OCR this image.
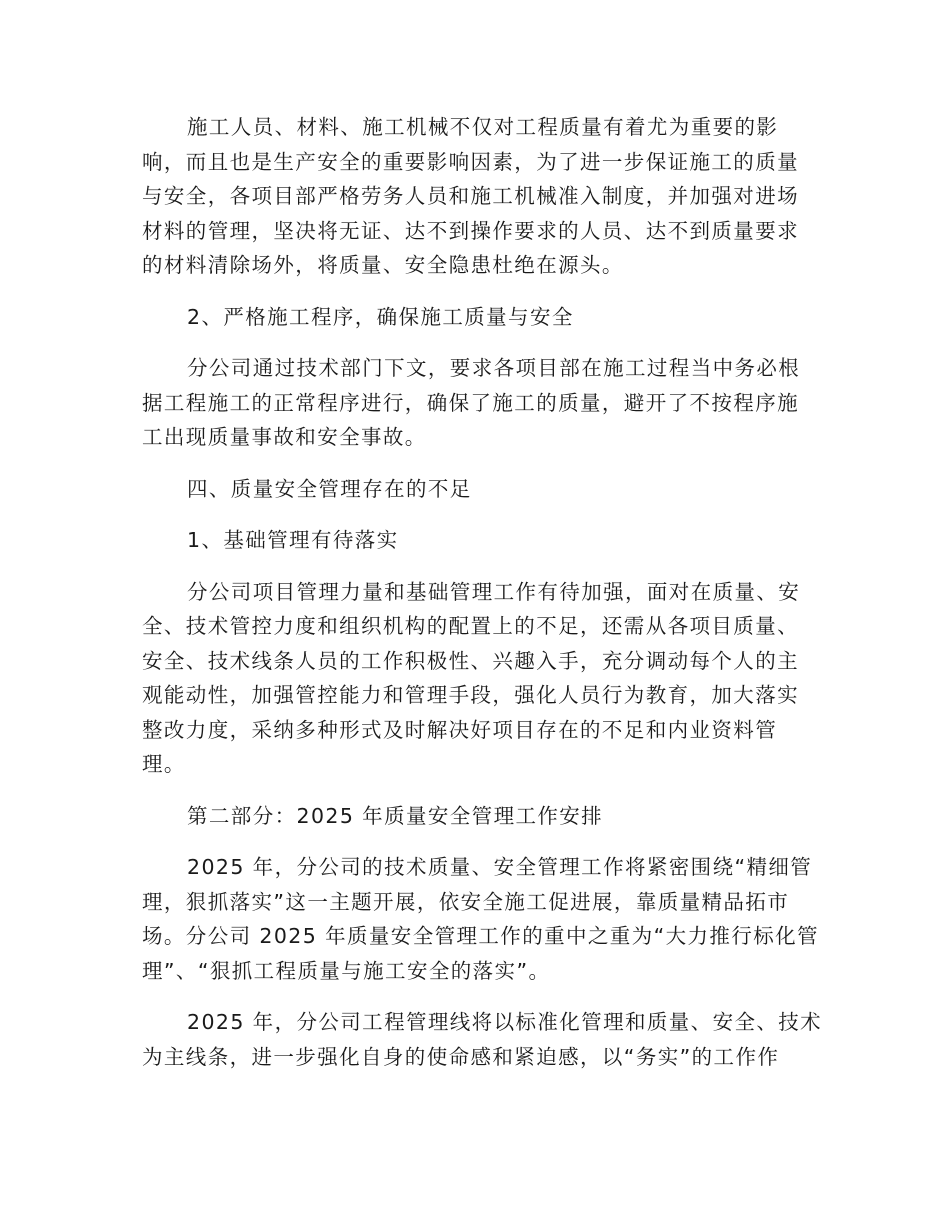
施工人员、材料、施工机械不仅对工程质量有着尤为重要的影
响，而且也是生产安全的重要影响因素，为了进一步保证施工的质量
与安全，各项目部严格劳务人员和施工机械准入制度，并加强对进场
材料的管理，坚决将无证、达不到操作要求的人员、达不到质量要求
的材料清除场外，将质量、安全隐患杜绝在源头。
2、严格施工程序，确保施工质量与安全
分公司通过技术部门下文，要求各项目部在施工过程当中务必根
据工程施工的正常程序进行，确保了施工的质量，避开了不按程序施
工出现质量事故和安全事故。
四、质量安全管理存在的不足
1、基础管理有待落实
分公司项目管理力量和基础管理工作有待加强，面对在质量、安
全、技术管控力度和组织机构的配置上的不足，还需从各项目质量、
安全、技术线条人员的工作积极性、兴趣入手，充分调动每个人的主
观能动性，加强管控能力和管理手段，强化人员行为教育，加大落实
整改力度，采纳多种形式及时解决好项目存在的不足和内业资料管
理。
第二部分：2025 年质量安全管理工作安排
2025 年，分公司的技术质量、安全管理工作将紧密围绕“精细管
理，狠抓落实”这一主题开展，依安全施工促进展，靠质量精品拓市
场。分公司 2025 年质量安全管理工作的重中之重为“大力推行标化管
理”、“狠抓工程质量与施工安全的落实”。
2025 年，分公司工程管理线将以标准化管理和质量、安全、技术
为主线条，进一步强化自身的使命感和紧迫感，以“务实”的工作作
